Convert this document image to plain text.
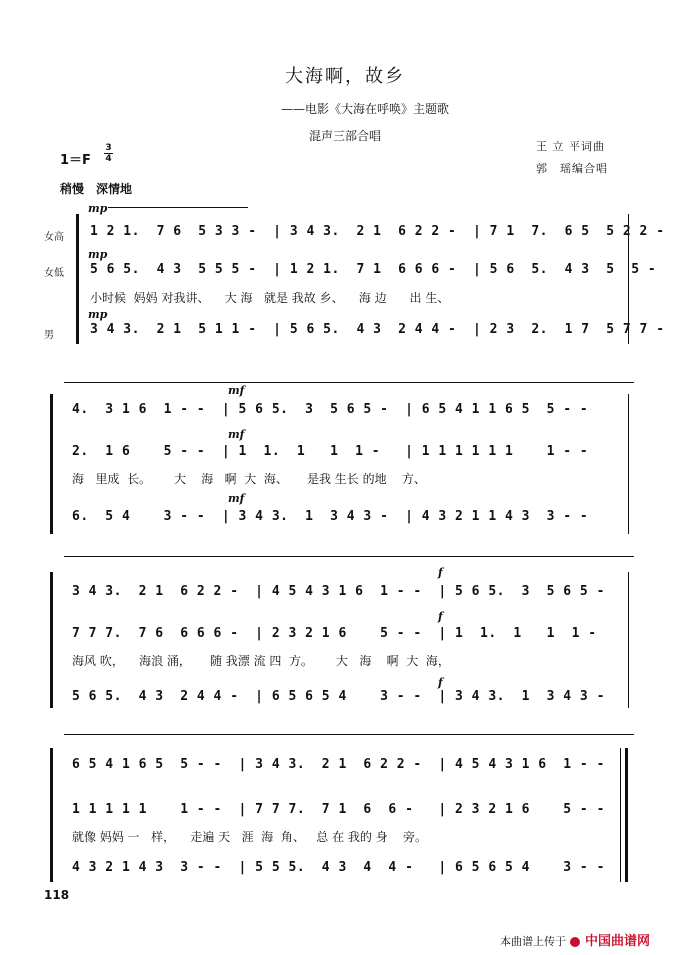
大海啊，故乡
——电影《大海在呼唤》主题歌
混声三部合唱
王 立 平词曲
郭　瑶编合唱
1＝F
3
4
稍慢　深情地
女高
女低
男
mp
mp
mp
1 2 1.  7 6  5 3 3 -  | 3 4 3.  2 1  6 2 2 -  | 7 1  7.  6 5  5 2 2 -
5 6 5.  4 3  5 5 5 -  | 1 2 1.  7 1  6 6 6 -  | 5 6  5.  4 3  5  5 -
小时候  妈妈 对我讲、    大 海   就是 我故 乡、    海 边      出 生、
3 4 3.  2 1  5 1 1 -  | 5 6 5.  4 3  2 4 4 -  | 2 3  2.  1 7  5 7 7 -
mf
mf
mf
4.  3 1 6  1 - -  | 5 6 5.  3  5 6 5 -  | 6 5 4 1 1 6 5  5 - -
2.  1 6    5 - -  | 1  1.  1   1  1 -   | 1 1 1 1 1 1    1 - -
海   里成  长。      大    海   啊  大  海、     是我 生长 的地    方、
6.  5 4    3 - -  | 3 4 3.  1  3 4 3 -  | 4 3 2 1 1 4 3  3 - -
f
f
f
3 4 3.  2 1  6 2 2 -  | 4 5 4 3 1 6  1 - -  | 5 6 5.  3  5 6 5 -
7 7 7.  7 6  6 6 6 -  | 2 3 2 1 6    5 - -  | 1  1.  1   1  1 -
海风 吹，    海浪 涌，     随 我漂 流 四  方。      大   海    啊  大  海，
5 6 5.  4 3  2 4 4 -  | 6 5 6 5 4    3 - -  | 3 4 3.  1  3 4 3 -
6 5 4 1 6 5  5 - -  | 3 4 3.  2 1  6 2 2 -  | 4 5 4 3 1 6  1 - -
1 1 1 1 1    1 - -  | 7 7 7.  7 1  6  6 -   | 2 3 2 1 6    5 - -
就像 妈妈 一   样，    走遍 天   涯  海  角、   总 在 我的 身    旁。
4 3 2 1 4 3  3 - -  | 5 5 5.  4 3  4  4 -   | 6 5 6 5 4    3 - -
118
本曲谱上传于 中国曲谱网
